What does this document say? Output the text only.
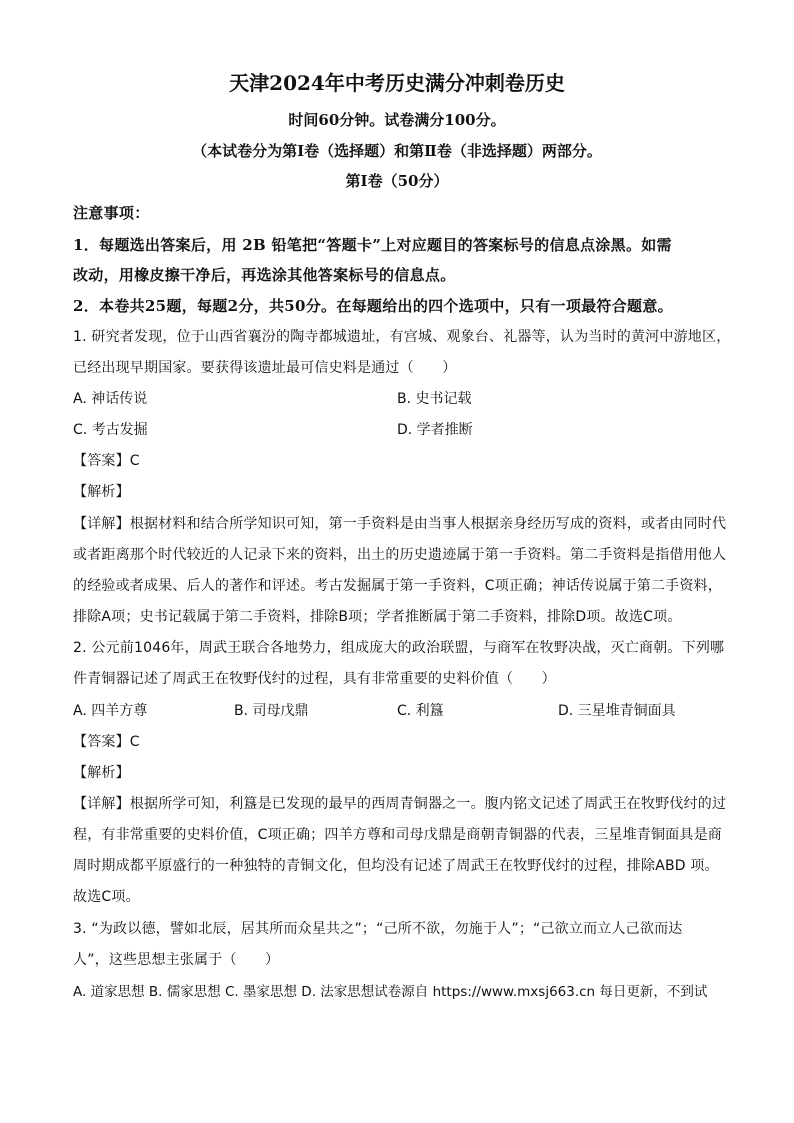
天津2024年中考历史满分冲刺卷历史
时间60分钟。试卷满分100分。
（本试卷分为第Ⅰ卷（选择题）和第Ⅱ卷（非选择题）两部分。
第Ⅰ卷（50分）
注意事项：
1．每题选出答案后，用 2B 铅笔把“答题卡”上对应题目的答案标号的信息点涂黑。如需
改动，用橡皮擦干净后，再选涂其他答案标号的信息点。
2．本卷共25题，每题2分，共50分。在每题给出的四个选项中，只有一项最符合题意。
1. 研究者发现，位于山西省襄汾的陶寺都城遗址，有宫城、观象台、礼器等，认为当时的黄河中游地区，
已经出现早期国家。要获得该遗址最可信史料是通过（　　）
A. 神话传说	B. 史书记载
C. 考古发掘	D. 学者推断
【答案】C
【解析】
【详解】根据材料和结合所学知识可知，第一手资料是由当事人根据亲身经历写成的资料，或者由同时代
或者距离那个时代较近的人记录下来的资料，出土的历史遗迹属于第一手资料。第二手资料是指借用他人
的经验或者成果、后人的著作和评述。考古发掘属于第一手资料，C项正确；神话传说属于第二手资料，
排除A项；史书记载属于第二手资料，排除B项；学者推断属于第二手资料，排除D项。故选C项。
2. 公元前1046年，周武王联合各地势力，组成庞大的政治联盟，与商军在牧野决战，灭亡商朝。下列哪
件青铜器记述了周武王在牧野伐纣的过程，具有非常重要的史料价值（　　）
A. 四羊方尊	B. 司母戊鼎	C. 利簋	D. 三星堆青铜面具
【答案】C
【解析】
【详解】根据所学可知，利簋是已发现的最早的西周青铜器之一。腹内铭文记述了周武王在牧野伐纣的过
程，有非常重要的史料价值，C项正确；四羊方尊和司母戊鼎是商朝青铜器的代表，三星堆青铜面具是商
周时期成都平原盛行的一种独特的青铜文化，但均没有记述了周武王在牧野伐纣的过程，排除ABD 项。
故选C项。
3. “为政以德，譬如北辰，居其所而众星共之”；“己所不欲，勿施于人”；“己欲立而立人己欲而达
人”，这些思想主张属于（　　）
A. 道家思想 B. 儒家思想 C. 墨家思想 D. 法家思想试卷源自 https://www.mxsj663.cn 每日更新，不到试
